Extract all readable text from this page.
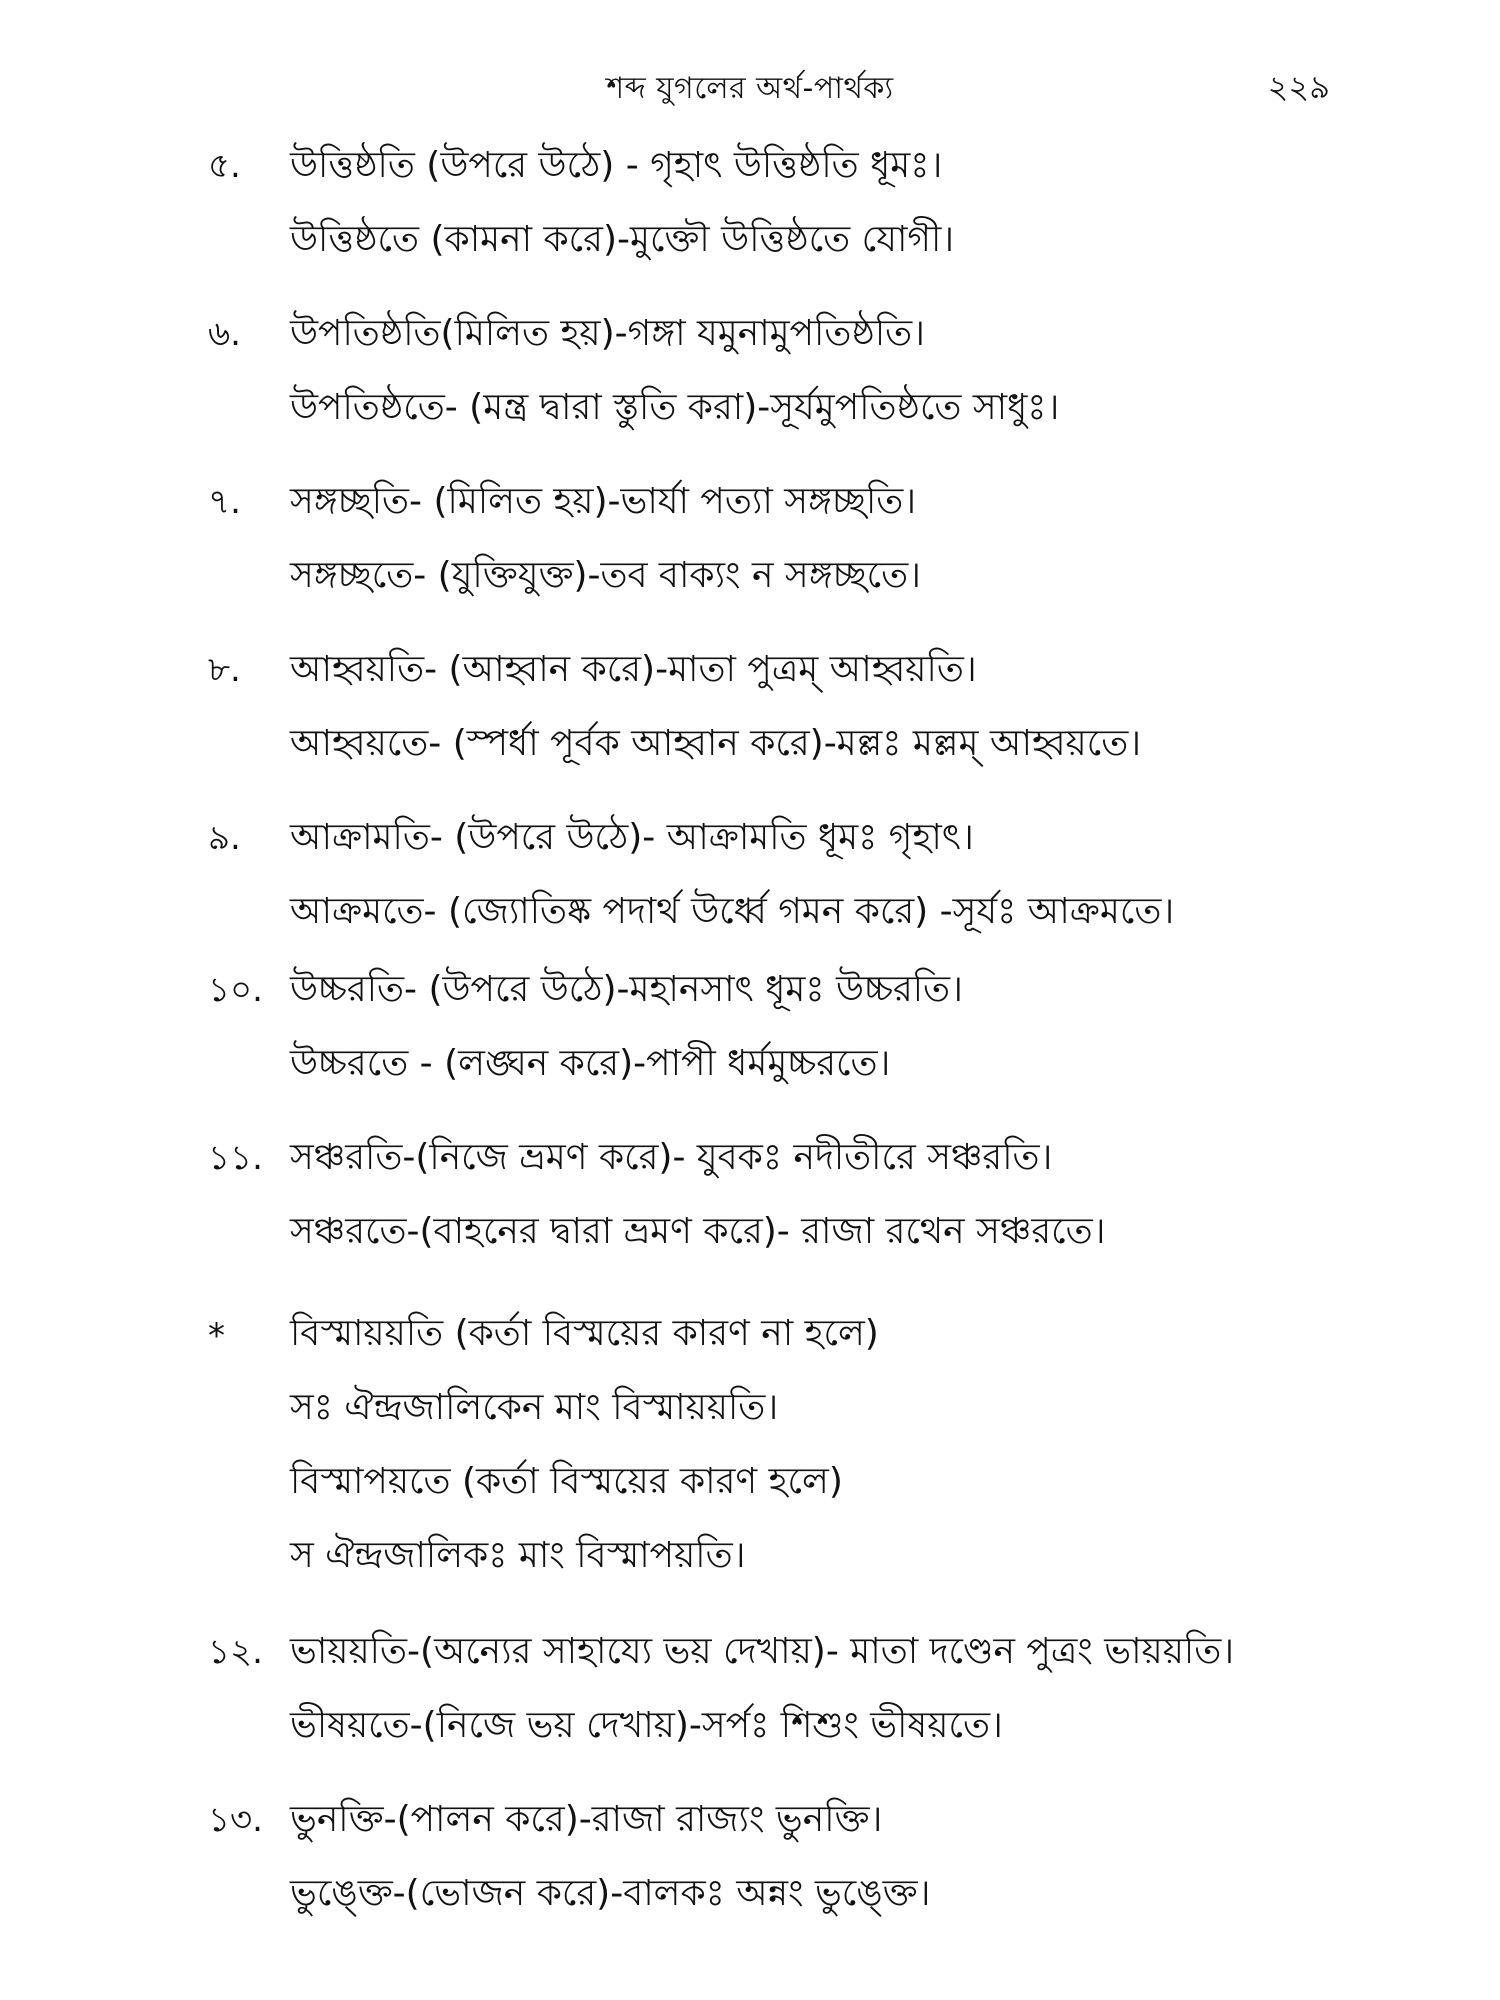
শব্দ যুগলের অর্থ-পার্থক্য	২২৯
৫.	উত্তিষ্ঠতি (উপরে উঠে) - গৃহাৎ উত্তিষ্ঠতি ধূমঃ।
উত্তিষ্ঠতে (কামনা করে)-মুক্তৌ উত্তিষ্ঠতে যোগী।
৬.	উপতিষ্ঠতি(মিলিত হয়)-গঙ্গা যমুনামুপতিষ্ঠতি।
উপতিষ্ঠতে- (মন্ত্র দ্বারা স্তুতি করা)-সূর্যমুপতিষ্ঠতে সাধুঃ।
৭.	সঙ্গচ্ছতি- (মিলিত হয়)-ভার্যা পত্যা সঙ্গচ্ছতি।
সঙ্গচ্ছতে- (যুক্তিযুক্ত)-তব বাক্যং ন সঙ্গচ্ছতে।
৮.	আহ্বয়তি- (আহ্বান করে)-মাতা পুত্রম্ আহ্বয়তি।
আহ্বয়তে- (স্পর্ধা পূর্বক আহ্বান করে)-মল্লঃ মল্লম্ আহ্বয়তে।
৯.	আক্রামতি- (উপরে উঠে)- আক্রামতি ধূমঃ গৃহাৎ।
আক্রমতে- (জ্যোতিষ্ক পদার্থ উর্ধ্বে গমন করে) -সূর্যঃ আক্রমতে।
১০. উচ্চরতি- (উপরে উঠে)-মহানসাৎ ধূমঃ উচ্চরতি।
উচ্চরতে - (লঙ্ঘন করে)-পাপী ধর্মমুচ্চরতে।
১১. সঞ্চরতি-(নিজে ভ্রমণ করে)- যুবকঃ নদীতীরে সঞ্চরতি।
সঞ্চরতে-(বাহনের দ্বারা ভ্রমণ করে)- রাজা রথেন সঞ্চরতে।
*	বিস্মায়য়তি (কর্তা বিস্ময়ের কারণ না হলে)
সঃ ঐন্দ্রজালিকেন মাং বিস্মায়য়তি।
বিস্মাপয়তে (কর্তা বিস্ময়ের কারণ হলে)
স ঐন্দ্রজালিকঃ মাং বিস্মাপয়তি।
১২. ভায়য়তি-(অন্যের সাহায্যে ভয় দেখায়)- মাতা দণ্ডেন পুত্রং ভায়য়তি।
ভীষয়তে-(নিজে ভয় দেখায়)-সর্পঃ শিশুং ভীষয়তে।
১৩. ভুনক্তি-(পালন করে)-রাজা রাজ্যং ভুনক্তি।
ভুঙ্ক্তে-(ভোজন করে)-বালকঃ অন্নং ভুঙ্ক্তে।
